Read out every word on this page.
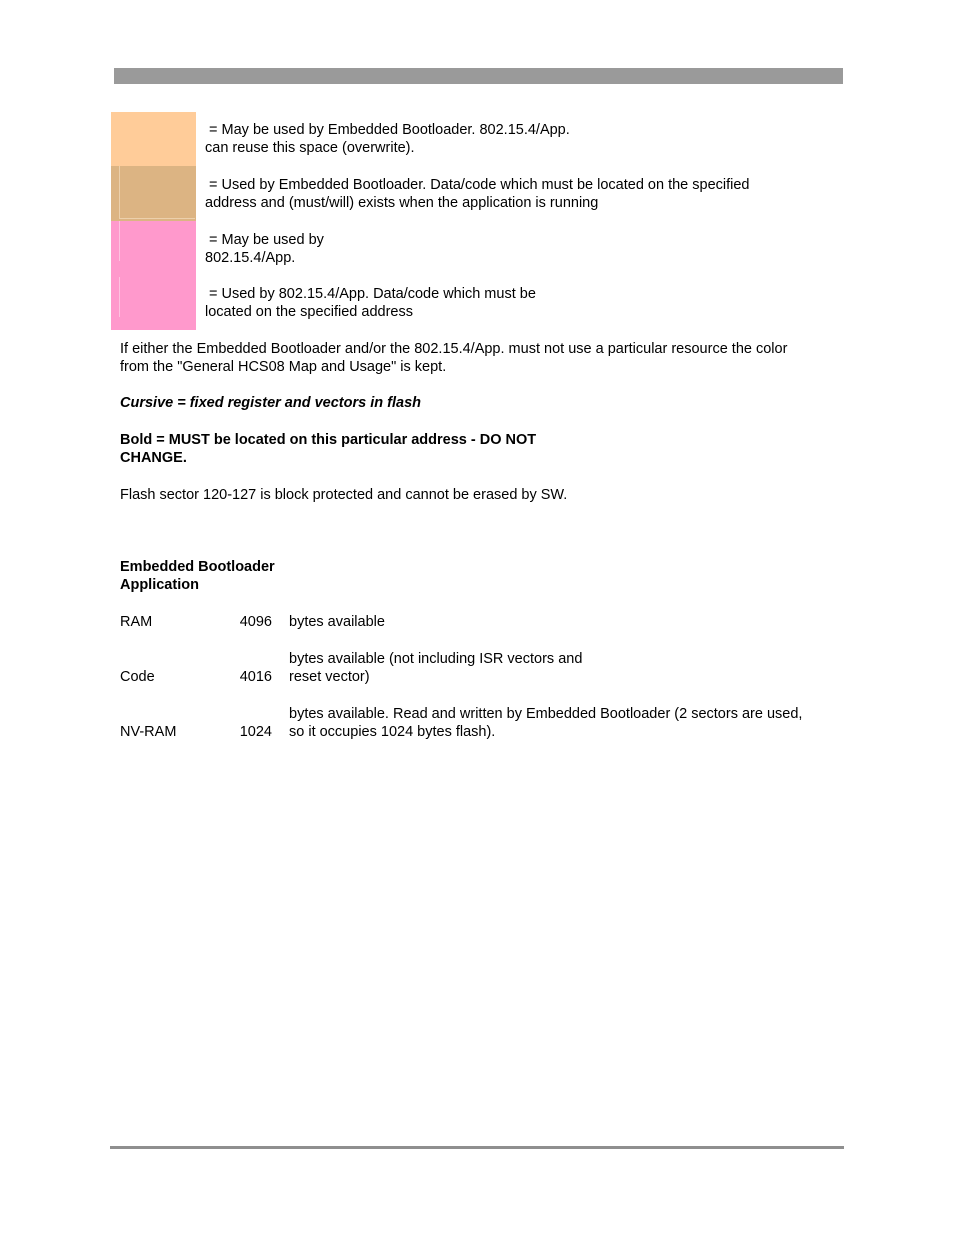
= May be used by Embedded Bootloader. 802.15.4/App.
can reuse this space (overwrite).
= Used by Embedded Bootloader. Data/code which must be located on the specified
address and (must/will) exists when the application is running
= May be used by
802.15.4/App.
= Used by 802.15.4/App. Data/code which must be
located on the specified address
If either the Embedded Bootloader and/or the 802.15.4/App. must not use a particular resource the color
from the "General HCS08 Map and Usage" is kept.
Cursive = fixed register and vectors in flash
Bold = MUST be located on this particular address - DO NOT
CHANGE.
Flash sector 120-127 is block protected and cannot be erased by SW.
Embedded Bootloader
Application
RAM	4096 bytes available
Code	4016
bytes available (not including ISR vectors and
reset vector)
NV-RAM	1024
bytes available. Read and written by Embedded Bootloader (2 sectors are used,
so it occupies 1024 bytes flash).
